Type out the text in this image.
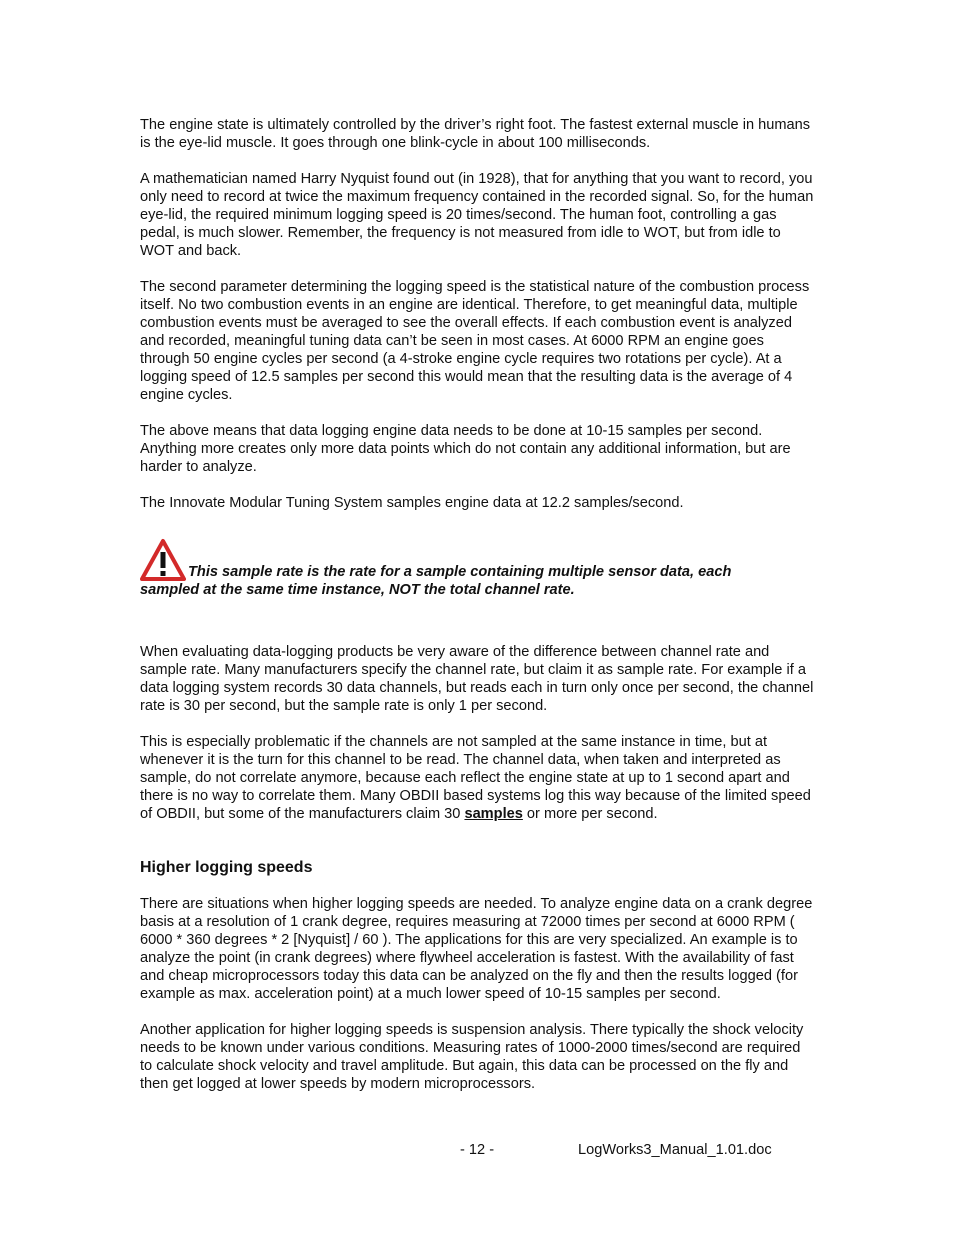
The engine state is ultimately controlled by the driver’s right foot. The fastest external muscle in humans is the eye-lid muscle. It goes through one blink-cycle in about 100 milliseconds.

A mathematician named Harry Nyquist found out (in 1928), that for anything that you want to record, you only need to record at twice the maximum frequency contained in the recorded signal. So, for the human eye-lid, the required minimum logging speed is 20 times/second. The human foot, controlling a gas pedal, is much slower. Remember, the frequency is not measured from idle to WOT, but from idle to WOT and back.

The second parameter determining the logging speed is the statistical nature of the combustion process itself. No two combustion events in an engine are identical. Therefore, to get meaningful data, multiple combustion events must be averaged to see the overall effects. If each combustion event is analyzed and recorded, meaningful tuning data can’t be seen in most cases. At 6000 RPM an engine goes through 50 engine cycles per second (a 4-stroke engine cycle requires two rotations per cycle). At a logging speed of 12.5 samples per second this would mean that the resulting data is the average of 4 engine cycles.

The above means that data logging engine data needs to be done at 10-15 samples per second. Anything more creates only more data points which do not contain any additional information, but are harder to analyze.

The Innovate Modular Tuning System samples engine data at 12.2 samples/second.

This sample rate is the rate for a sample containing multiple sensor data, each
sampled at the same time instance, NOT the total channel rate.

When evaluating data-logging products be very aware of the difference between channel rate and sample rate. Many manufacturers specify the channel rate, but claim it as sample rate. For example if a data logging system records 30 data channels, but reads each in turn only once per second, the channel rate is 30 per second, but the sample rate is only 1 per second.

This is especially problematic if the channels are not sampled at the same instance in time, but at whenever it is the turn for this channel to be read. The channel data, when taken and interpreted as sample, do not correlate anymore, because each reflect the engine state at up to 1 second apart and there is no way to correlate them. Many OBDII based systems log this way because of the limited speed of OBDII, but some of the manufacturers claim 30 samples or more per second.

Higher logging speeds

There are situations when higher logging speeds are needed. To analyze engine data on a crank degree basis at a resolution of 1 crank degree, requires measuring at 72000 times per second at 6000 RPM ( 6000 * 360 degrees * 2 [Nyquist] / 60 ). The applications for this are very specialized. An example is to analyze the point (in crank degrees) where flywheel acceleration is fastest. With the availability of fast and cheap microprocessors today this data can be analyzed on the fly and then the results logged (for example as max. acceleration point) at a much lower speed of 10-15 samples per second.

Another application for higher logging speeds is suspension analysis. There typically the shock velocity needs to be known under various conditions. Measuring rates of 1000-2000 times/second are required to calculate shock velocity and travel amplitude. But again, this data can be processed on the fly and then get logged at lower speeds by modern microprocessors.

- 12 -	LogWorks3_Manual_1.01.doc
